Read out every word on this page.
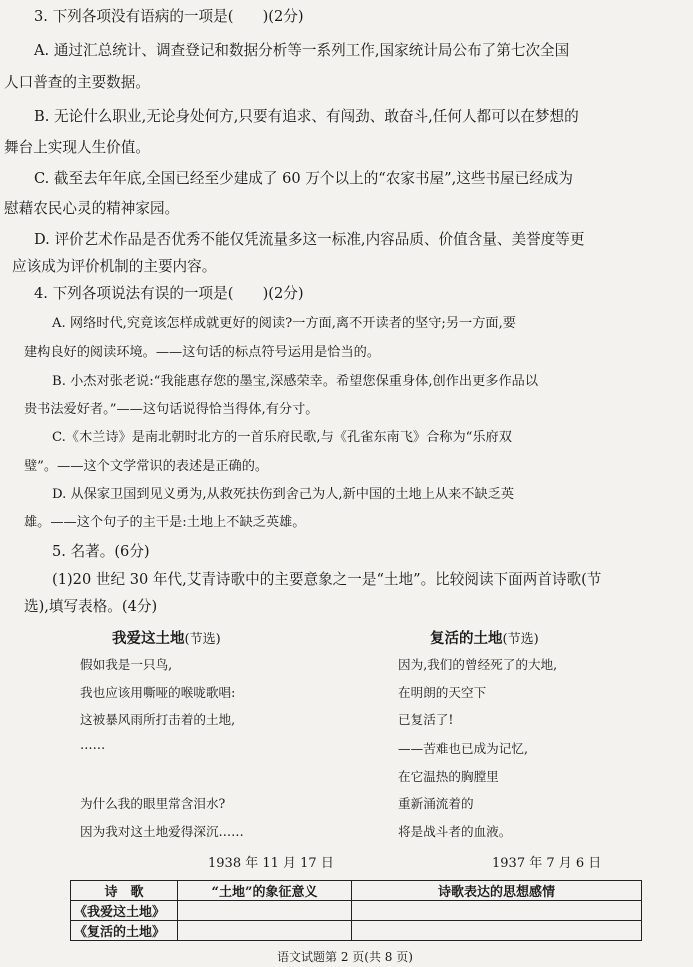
3. 下列各项没有语病的一项是(　　)(2分)
A. 通过汇总统计、调查登记和数据分析等一系列工作,国家统计局公布了第七次全国
人口普查的主要数据。
B. 无论什么职业,无论身处何方,只要有追求、有闯劲、敢奋斗,任何人都可以在梦想的
舞台上实现人生价值。
C. 截至去年年底,全国已经至少建成了 60 万个以上的“农家书屋”,这些书屋已经成为
慰藉农民心灵的精神家园。
D. 评价艺术作品是否优秀不能仅凭流量多这一标准,内容品质、价值含量、美誉度等更
应该成为评价机制的主要内容。
4. 下列各项说法有误的一项是(　　)(2分)
A. 网络时代,究竟该怎样成就更好的阅读?一方面,离不开读者的坚守;另一方面,要
建构良好的阅读环境。——这句话的标点符号运用是恰当的。
B. 小杰对张老说:“我能惠存您的墨宝,深感荣幸。希望您保重身体,创作出更多作品以
贵书法爱好者。”——这句话说得恰当得体,有分寸。
C.《木兰诗》是南北朝时北方的一首乐府民歌,与《孔雀东南飞》合称为“乐府双
璧”。——这个文学常识的表述是正确的。
D. 从保家卫国到见义勇为,从救死扶伤到舍己为人,新中国的土地上从来不缺乏英
雄。——这个句子的主干是:土地上不缺乏英雄。
5. 名著。(6分)
(1)20 世纪 30 年代,艾青诗歌中的主要意象之一是“土地”。比较阅读下面两首诗歌(节
选),填写表格。(4分)
我爱这土地(节选)
假如我是一只鸟,
我也应该用嘶哑的喉咙歌唱:
这被暴风雨所打击着的土地,
……
为什么我的眼里常含泪水?
因为我对这土地爱得深沉……
1938 年 11 月 17 日
复活的土地(节选)
因为,我们的曾经死了的大地,
在明朗的天空下
已复活了!
——苦难也已成为记忆,
在它温热的胸膛里
重新涌流着的
将是战斗者的血液。
1937 年 7 月 6 日
诗　歌	“土地”的象征意义	诗歌表达的思想感情
《我爱这土地》		
《复活的土地》		
语文试题第 2 页(共 8 页)
